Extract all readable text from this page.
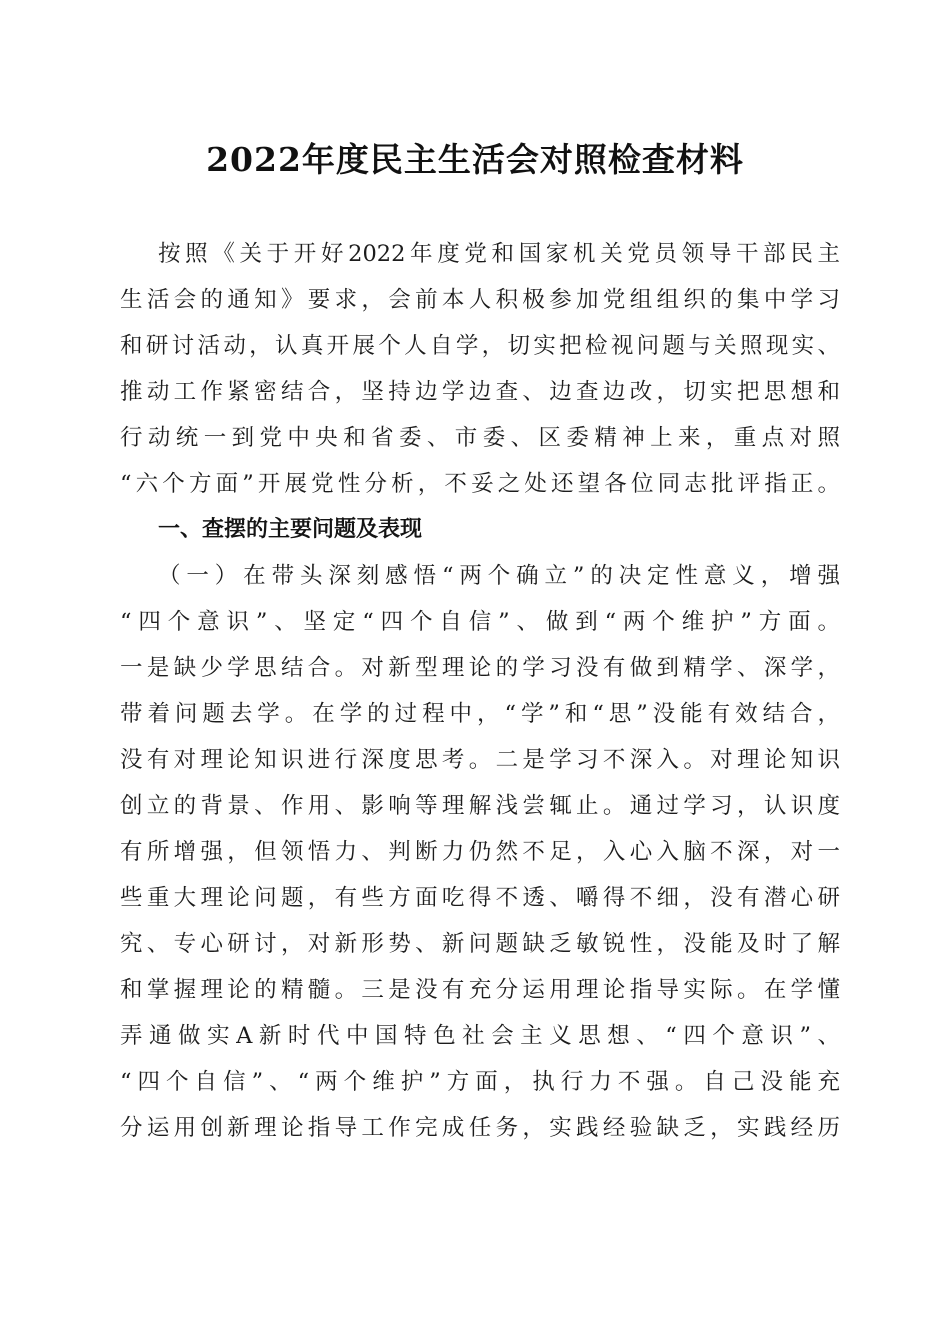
2022年度民主生活会对照检查材料
按照《关于开好2022年度党和国家机关党员领导干部民主
生活会的通知》要求，会前本人积极参加党组组织的集中学习
和研讨活动，认真开展个人自学，切实把检视问题与关照现实、
推动工作紧密结合，坚持边学边查、边查边改，切实把思想和
行动统一到党中央和省委、市委、区委精神上来，重点对照
“六个方面”开展党性分析，不妥之处还望各位同志批评指正。
一、查摆的主要问题及表现
（一）在带头深刻感悟“两个确立”的决定性意义，增强
“四个意识”、坚定“四个自信”、做到“两个维护”方面。
一是缺少学思结合。对新型理论的学习没有做到精学、深学，
带着问题去学。在学的过程中，“学”和“思”没能有效结合，
没有对理论知识进行深度思考。二是学习不深入。对理论知识
创立的背景、作用、影响等理解浅尝辄止。通过学习，认识度
有所增强，但领悟力、判断力仍然不足，入心入脑不深，对一
些重大理论问题，有些方面吃得不透、嚼得不细，没有潜心研
究、专心研讨，对新形势、新问题缺乏敏锐性，没能及时了解
和掌握理论的精髓。三是没有充分运用理论指导实际。在学懂
弄通做实A新时代中国特色社会主义思想、“四个意识”、
“四个自信”、“两个维护”方面，执行力不强。自己没能充
分运用创新理论指导工作完成任务，实践经验缺乏，实践经历
